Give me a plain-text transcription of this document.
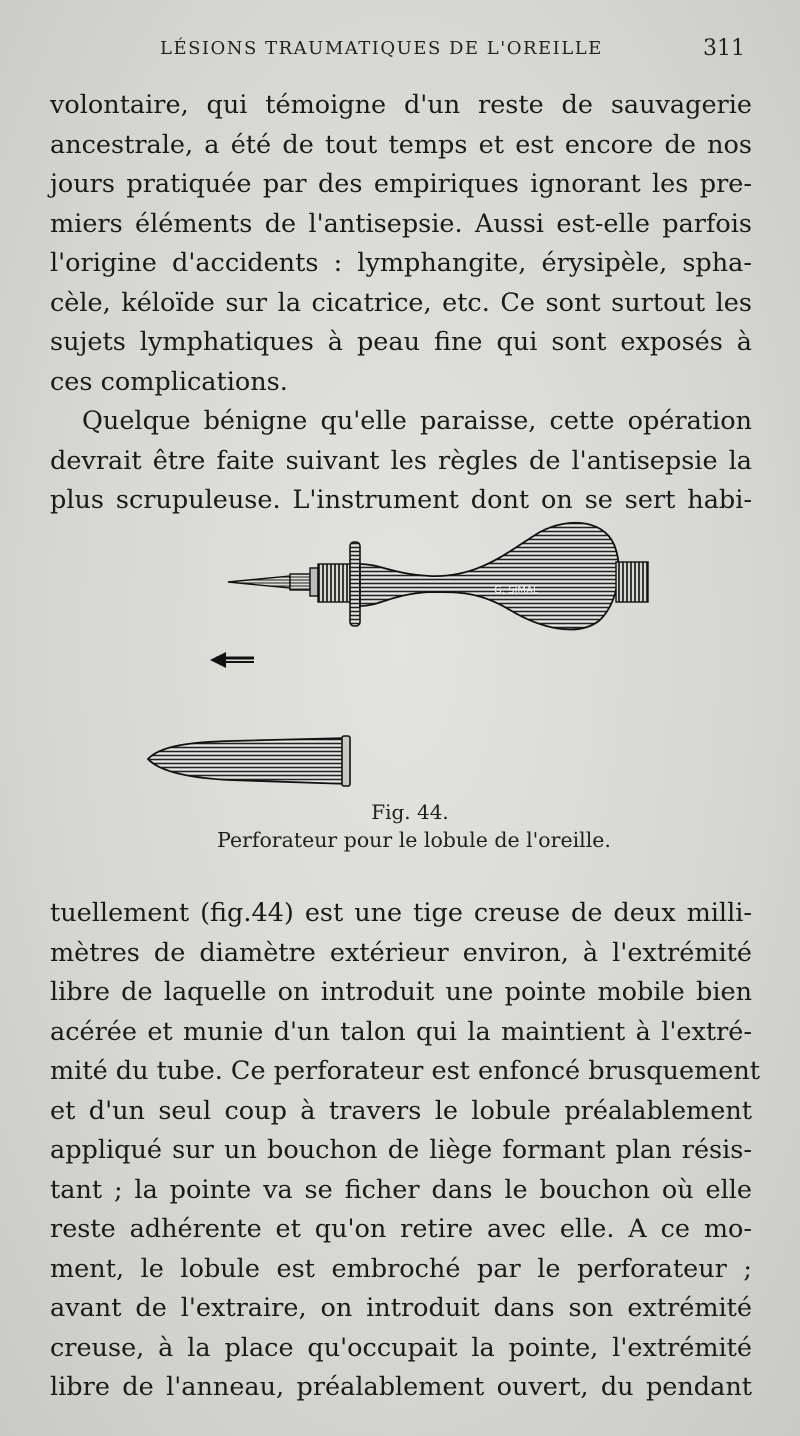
LÉSIONS TRAUMATIQUES DE L'OREILLE	311
volontaire, qui témoigne d'un reste de sauvagerie
ancestrale, a été de tout temps et est encore de nos
jours pratiquée par des empiriques ignorant les pre-
miers éléments de l'antisepsie. Aussi est-elle parfois
l'origine d'accidents : lymphangite, érysipèle, spha-
cèle, kéloïde sur la cicatrice, etc. Ce sont surtout les
sujets lymphatiques à peau fine qui sont exposés à
ces complications.
Quelque bénigne qu'elle paraisse, cette opération
devrait être faite suivant les règles de l'antisepsie la
plus scrupuleuse. L'instrument dont on se sert habi-
G. SIMAL
Fig. 44.
Perforateur pour le lobule de l'oreille.
tuellement (fig.44) est une tige creuse de deux milli-
mètres de diamètre extérieur environ, à l'extrémité
libre de laquelle on introduit une pointe mobile bien
acérée et munie d'un talon qui la maintient à l'extré-
mité du tube. Ce perforateur est enfoncé brusquement
et d'un seul coup à travers le lobule préalablement
appliqué sur un bouchon de liège formant plan résis-
tant ; la pointe va se ficher dans le bouchon où elle
reste adhérente et qu'on retire avec elle. A ce mo-
ment, le lobule est embroché par le perforateur ;
avant de l'extraire, on introduit dans son extrémité
creuse, à la place qu'occupait la pointe, l'extrémité
libre de l'anneau, préalablement ouvert, du pendant
